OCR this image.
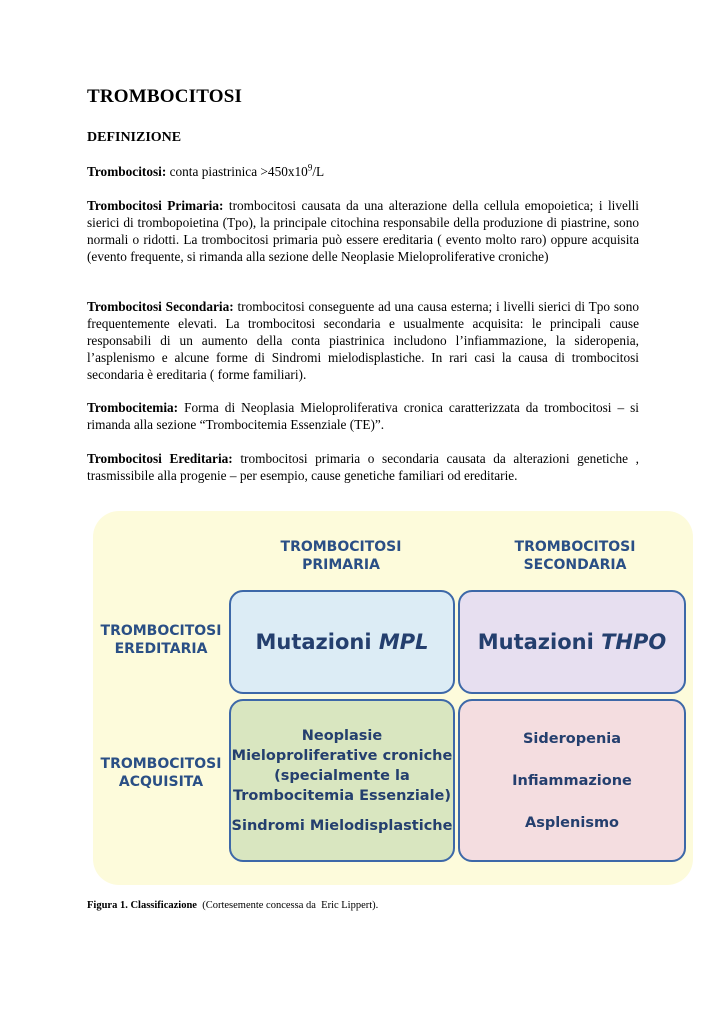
TROMBOCITOSI
DEFINIZIONE

Trombocitosi: conta piastrinica $>450x10^9/L$

Trombocitosi Primaria: trombocitosi causata da una alterazione della cellula emopoietica; i livelli sierici di trombopoietina (Tpo), la principale citochina responsabile della produzione di piastrine, sono normali o ridotti. La trombocitosi primaria può essere ereditaria ( evento molto raro) oppure acquisita (evento frequente, si rimanda alla sezione delle Neoplasie Mieloproliferative croniche)

Trombocitosi Secondaria: trombocitosi conseguente ad una causa esterna; i livelli sierici di Tpo sono frequentemente elevati. La trombocitosi secondaria e usualmente acquisita: le principali cause responsabili di un aumento della conta piastrinica includono l’infiammazione, la sideropenia, l’asplenismo e alcune forme di Sindromi mielodisplastiche. In rari casi la causa di trombocitosi secondaria è ereditaria ( forme familiari).

Trombocitemia: Forma di Neoplasia Mieloproliferativa cronica caratterizzata da trombocitosi – si rimanda alla sezione “Trombocitemia Essenziale (TE)”.

Trombocitosi Ereditaria: trombocitosi primaria o secondaria causata da alterazioni genetiche , trasmissibile alla progenie – per esempio, cause genetiche familiari od ereditarie.

TROMBOCITOSI
PRIMARIA
TROMBOCITOSI
SECONDARIA
TROMBOCITOSI
EREDITARIA
TROMBOCITOSI
ACQUISITA
Mutazioni MPL Mutazioni THPO
Neoplasie
Mieloproliferative croniche
(specialmente la
Trombocitemia Essenziale)
Sindromi Mielodisplastiche
Sideropenia
Infiammazione
Asplenismo
Figura 1. Classificazione  (Cortesemente concessa da  Eric Lippert).
